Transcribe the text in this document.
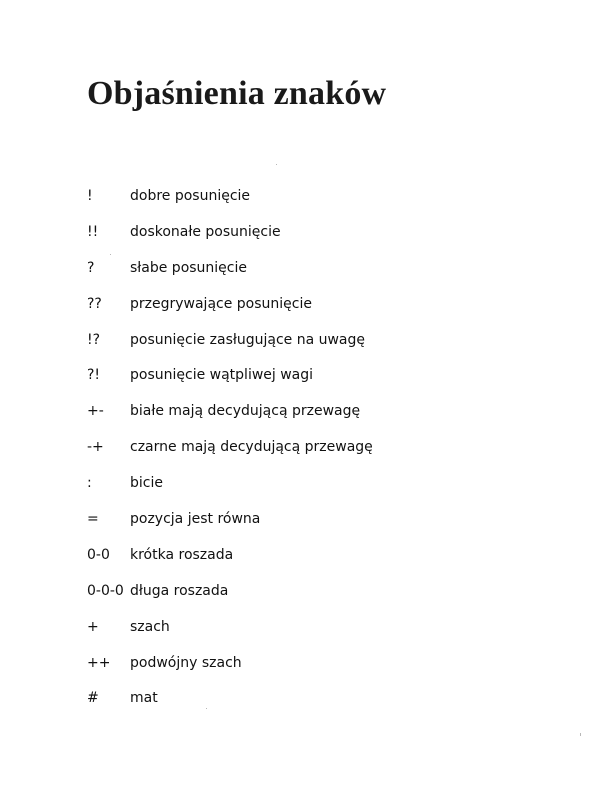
Objaśnienia znaków
!	dobre posunięcie
!!	doskonałe posunięcie
?	słabe posunięcie
??	przegrywające posunięcie
!?	posunięcie zasługujące na uwagę
?!	posunięcie wątpliwej wagi
+-	białe mają decydującą przewagę
-+	czarne mają decydującą przewagę
:	bicie
=	pozycja jest równa
0-0	krótka roszada
0-0-0 długa roszada
+	szach
++	podwójny szach
#	mat
